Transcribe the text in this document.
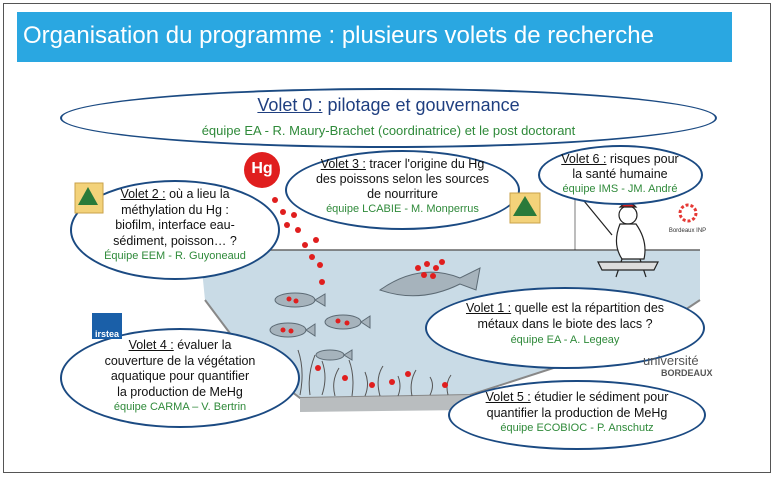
Organisation du programme : plusieurs volets de recherche
Hg
Volet 0 : pilotage et gouvernance
équipe EA - R. Maury-Brachet (coordinatrice) et le post doctorant
Volet 2 : où a lieu la
méthylation du Hg :
biofilm, interface eau-
sédiment, poisson… ?
Équipe EEM - R. Guyoneaud
Volet 3 : tracer l'origine du Hg
des poissons selon les sources
de nourriture
équipe LCABIE - M. Monperrus
Volet 6 : risques pour
la santé humaine
équipe IMS - JM. André
Volet 1 : quelle est la répartition des
métaux dans le biote des lacs ?
équipe EA - A. Legeay
Volet 4 : évaluer la
couverture de la végétation
aquatique pour quantifier
la production de MeHg
équipe CARMA – V. Bertrin
Volet 5 : étudier le sédiment pour
quantifier la production de MeHg
équipe ECOBIOC - P. Anschutz
irstea
université
BORDEAUX
Bordeaux INP
